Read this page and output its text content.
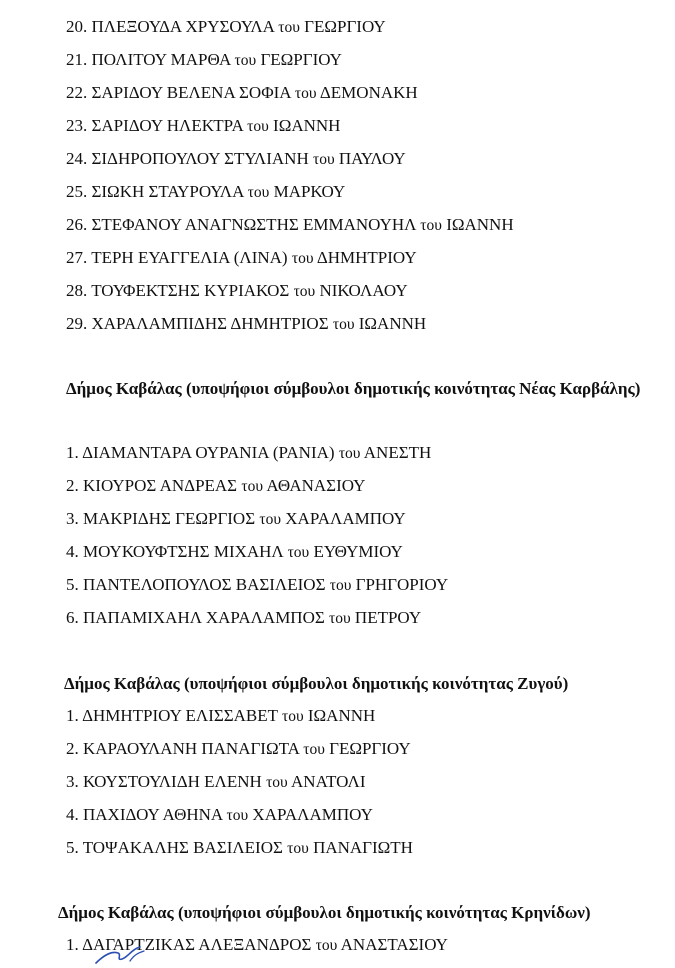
20. ΠΛΕΞΟΥΔΑ ΧΡΥΣΟΥΛΑ του ΓΕΩΡΓΙΟΥ
21. ΠΟΛΙΤΟΥ ΜΑΡΘΑ του ΓΕΩΡΓΙΟΥ
22. ΣΑΡΙΔΟΥ ΒΕΛΕΝΑ ΣΟΦΙΑ του ΔΕΜΟΝΑΚΗ
23. ΣΑΡΙΔΟΥ ΗΛΕΚΤΡΑ του ΙΩΑΝΝΗ
24. ΣΙΔΗΡΟΠΟΥΛΟΥ ΣΤΥΛΙΑΝΗ του ΠΑΥΛΟΥ
25. ΣΙΩΚΗ ΣΤΑΥΡΟΥΛΑ του ΜΑΡΚΟΥ
26. ΣΤΕΦΑΝΟΥ ΑΝΑΓΝΩΣΤΗΣ ΕΜΜΑΝΟΥΗΛ του ΙΩΑΝΝΗ
27. ΤΕΡΗ ΕΥΑΓΓΕΛΙΑ (ΛΙΝΑ) του ΔΗΜΗΤΡΙΟΥ
28. ΤΟΥΦΕΚΤΣΗΣ ΚΥΡΙΑΚΟΣ του ΝΙΚΟΛΑΟΥ
29. ΧΑΡΑΛΑΜΠΙΔΗΣ ΔΗΜΗΤΡΙΟΣ του ΙΩΑΝΝΗ
Δήμος Καβάλας (υποψήφιοι σύμβουλοι δημοτικής κοινότητας Νέας Καρβάλης)
1. ΔΙΑΜΑΝΤΑΡΑ ΟΥΡΑΝΙΑ (ΡΑΝΙΑ) του ΑΝΕΣΤΗ
2. ΚΙΟΥΡΟΣ ΑΝΔΡΕΑΣ του ΑΘΑΝΑΣΙΟΥ
3. ΜΑΚΡΙΔΗΣ ΓΕΩΡΓΙΟΣ του ΧΑΡΑΛΑΜΠΟΥ
4. ΜΟΥΚΟΥΦΤΣΗΣ ΜΙΧΑΗΛ του ΕΥΘΥΜΙΟΥ
5. ΠΑΝΤΕΛΟΠΟΥΛΟΣ ΒΑΣΙΛΕΙΟΣ του ΓΡΗΓΟΡΙΟΥ
6. ΠΑΠΑΜΙΧΑΗΛ ΧΑΡΑΛΑΜΠΟΣ του ΠΕΤΡΟΥ
Δήμος Καβάλας (υποψήφιοι σύμβουλοι δημοτικής κοινότητας Ζυγού)
1. ΔΗΜΗΤΡΙΟΥ ΕΛΙΣΣΑΒΕΤ του ΙΩΑΝΝΗ
2. ΚΑΡΑΟΥΛΑΝΗ ΠΑΝΑΓΙΩΤΑ του ΓΕΩΡΓΙΟΥ
3. ΚΟΥΣΤΟΥΛΙΔΗ ΕΛΕΝΗ του ΑΝΑΤΟΛΙ
4. ΠΑΧΙΔΟΥ ΑΘΗΝΑ του ΧΑΡΑΛΑΜΠΟΥ
5. ΤΟΨΑΚΑΛΗΣ ΒΑΣΙΛΕΙΟΣ του ΠΑΝΑΓΙΩΤΗ
Δήμος Καβάλας (υποψήφιοι σύμβουλοι δημοτικής κοινότητας Κρηνίδων)
1. ΔΑΓΑΡΤΖΙΚΑΣ ΑΛΕΞΑΝΔΡΟΣ του ΑΝΑΣΤΑΣΙΟΥ
